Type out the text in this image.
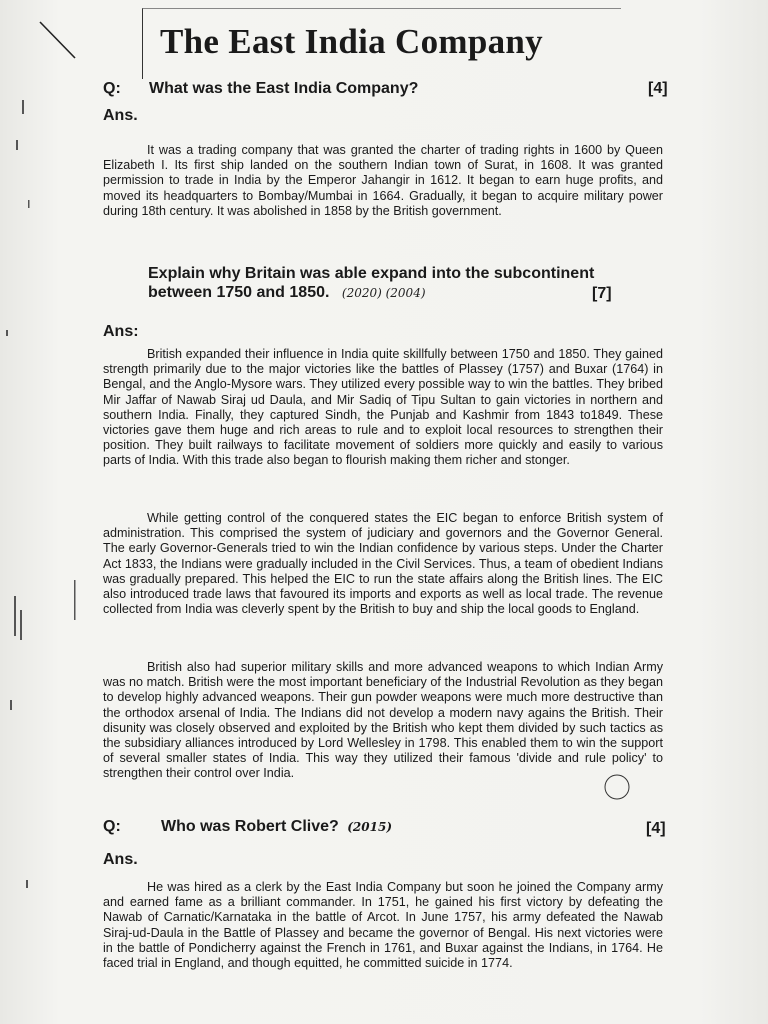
The East India Company
Q: What was the East India Company?	[4]
Ans.

It was a trading company that was granted the charter of trading rights in 1600 by Queen Elizabeth I. Its first ship landed on the southern Indian town of Surat, in 1608. It was granted permission to trade in India by the Emperor Jahangir in 1612. It began to earn huge profits, and moved its headquarters to Bombay/Mumbai in 1664. Gradually, it began to acquire military power during 18th century. It was abolished in 1858 by the British government.

Explain why Britain was able expand into the subcontinent
between 1750 and 1850. (2020) (2004)	[7]
Ans:

British expanded their influence in India quite skillfully between 1750 and 1850. They gained strength primarily due to the major victories like the battles of Plassey (1757) and Buxar (1764) in Bengal, and the Anglo-Mysore wars. They utilized every possible way to win the battles. They bribed Mir Jaffar of Nawab Siraj ud Daula, and Mir Sadiq of Tipu Sultan to gain victories in northern and southern India. Finally, they captured Sindh, the Punjab and Kashmir from 1843 to1849. These victories gave them huge and rich areas to rule and to exploit local resources to strengthen their position. They built railways to facilitate movement of soldiers more quickly and easily to various parts of India. With this trade also began to flourish making them richer and stonger.

While getting control of the conquered states the EIC began to enforce British system of administration. This comprised the system of judiciary and governors and the Governor General. The early Governor-Generals tried to win the Indian confidence by various steps. Under the Charter Act 1833, the Indians were gradually included in the Civil Services. Thus, a team of obedient Indians was gradually prepared. This helped the EIC to run the state affairs along the British lines. The EIC also introduced trade laws that favoured its imports and exports as well as local trade. The revenue collected from India was cleverly spent by the British to buy and ship the local goods to England.

British also had superior military skills and more advanced weapons to which Indian Army was no match. British were the most important beneficiary of the Industrial Revolution as they began to develop highly advanced weapons. Their gun powder weapons were much more destructive than the orthodox arsenal of India. The Indians did not develop a modern navy agains the British. Their disunity was closely observed and exploited by the British who kept them divided by such tactics as the subsidiary alliances introduced by Lord Wellesley in 1798. This enabled them to win the support of several smaller states of India. This way they utilized their famous 'divide and rule policy' to strengthen their control over India.

Q:	Who was Robert Clive? (2015)	[4]
Ans.

He was hired as a clerk by the East India Company but soon he joined the Company army and earned fame as a brilliant commander. In 1751, he gained his first victory by defeating the Nawab of Carnatic/Karnataka in the battle of Arcot. In June 1757, his army defeated the Nawab Siraj-ud-Daula in the Battle of Plassey and became the governor of Bengal. His next victories were in the battle of Pondicherry against the French in 1761, and Buxar against the Indians, in 1764. He faced trial in England, and though equitted, he committed suicide in 1774.
